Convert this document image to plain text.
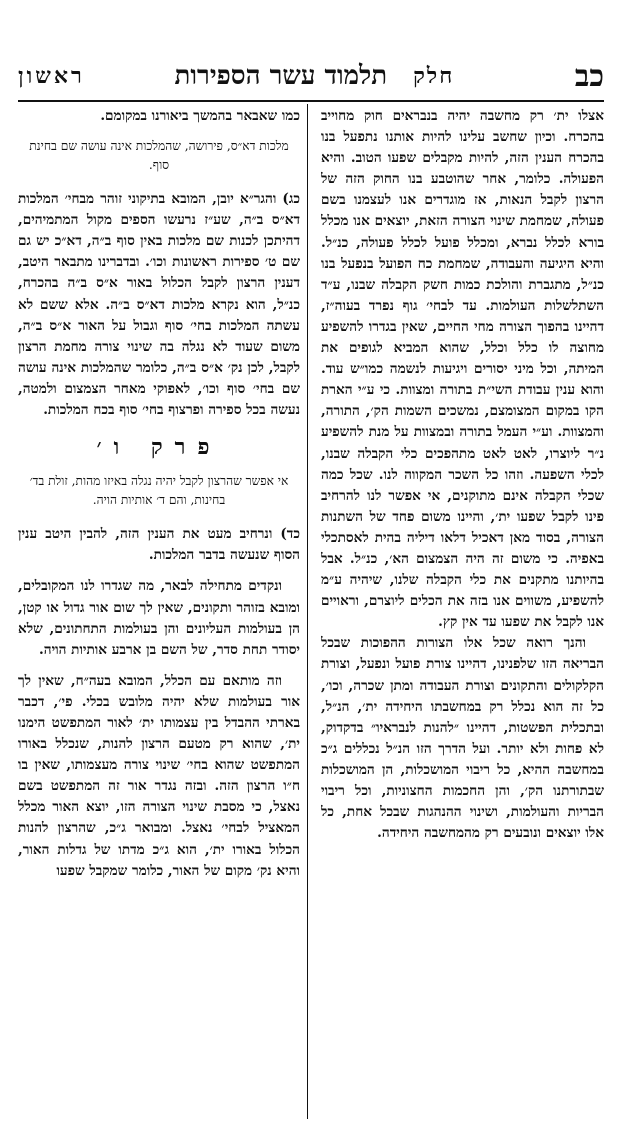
כב
חלק
תלמוד עשר הספירות
ראשון

אצלו ית׳ רק מחשבה יהיה בנבראים חוק מחוייב בהכרח. וכיון שחשב עלינו להיות אותנו נתפעל בנו בהכרח הענין הזה, להיות מקבלים שפעו הטוב. והיא הפעולה. כלומר, אחר שהוטבע בנו החוק הזה של הרצון לקבל הנאות, אז מוגדרים אנו לעצמנו בשם פעולה, שמחמת שינוי הצורה הזאת, יוצאים אנו מכלל בורא לכלל נברא, ומכלל פועל לכלל פעולה, כנ״ל. והיא היגיעה והעבודה, שמחמת כח הפועל בנפעל בנו כנ״ל, מתגברת והולכת כמות חשק הקבלה שבנו, ע״ד השתלשלות העולמות. עד לבחי׳ גוף נפרד בעוה״ז, דהיינו בהפוך הצורה מחי החיים, שאין בגדרו להשפיע מחוצה לו כלל וכלל, שהוא המביא לגופים את המיתה, וכל מיני יסורים ויגיעות לנשמה כמו״ש עוד. והוא ענין עבודת השי״ת בתורה ומצוות. כי ע״י הארת הקו במקום המצומצם, נמשכים השמות הק׳, התורה, והמצוות. וע״י העמל בתורה ובמצוות על מנת להשפיע נ״ר ליוצרו, לאט לאט מתהפכים כלי הקבלה שבנו, לכלי השפעה. וזהו כל השכר המקווה לנו. שכל כמה שכלי הקבלה אינם מתוקנים, אי אפשר לנו להרחיב פינו לקבל שפעו ית׳, והיינו משום פחד של השתנות הצורה, בסוד מאן דאכיל דלאו דיליה בהית לאסתכלי באפיה. כי משום זה היה הצמצום הא׳, כנ״ל. אבל בהיותנו מתקנים את כלי הקבלה שלנו, שיהיה ע״מ להשפיע, משווים אנו בזה את הכלים ליוצרם, וראויים אנו לקבל את שפעו עד אין קץ.

והנך רואה שכל אלו הצורות ההפוכות שבכל הבריאה הזו שלפנינו, דהיינו צורת פועל ונפעל, וצורת הקלקולים והתקונים וצורת העבודה ומתן שכרה, וכו׳, כל זה הוא נכלל רק במחשבתו היחידה ית׳, הנ״ל, ובתכלית הפשטות, דהיינו ״להנות לנבראיו״ בדקדוק, לא פחות ולא יותר. ועל הדרך הזו הנ״ל נכללים ג״כ במחשבה ההיא, כל ריבוי המושכלות, הן המושכלות שבתורתנו הק׳, והן החכמות החצוניות, וכל ריבוי הבריות והעולמות, ושינוי ההנהגות שבכל אחת, כל אלו יוצאים ונובעים רק מהמחשבה היחידה.

כמו שאבאר בהמשך ביאורנו במקומם.

מלכות דא״ס, פירושה, שהמלכות אינה עושה שם בחינת סוף.

כג) והגר״א יובן, המובא בתיקוני זוהר מבחי׳ המלכות דא״ס ב״ה, שע״ז נרעשו הספים מקול המתמיהים, דהיתכן לכנות שם מלכות באין סוף ב״ה, דא״כ יש גם שם ט׳ ספירות ראשונות וכו׳. ובדברינו מתבאר היטב, דענין הרצון לקבל הכלול באור א״ס ב״ה בהכרח, כנ״ל, הוא נקרא מלכות דא״ס ב״ה. אלא ששם לא עשתה המלכות בחי׳ סוף וגבול על האור א״ס ב״ה, משום שעוד לא נגלה בה שינוי צורה מחמת הרצון לקבל, לכן נק׳ א״ס ב״ה, כלומר שהמלכות אינה עושה שם בחי׳ סוף וכו׳, לאפוקי מאחר הצמצום ולמטה, נעשה בכל ספירה ופרצוף בחי׳ סוף בכח המלכות.

פרק ו׳

אי אפשר שהרצון לקבל יהיה נגלה באיזו מהות, זולת בד׳ בחינות, והם ד׳ אותיות הויה.

כד) ונרחיב מעט את הענין הזה, להבין היטב ענין הסוף שנעשה בדבר המלכות.

ונקדים מתחילה לבאר, מה שגדרו לנו המקובלים, ומובא בזוהר ותקונים, שאין לך שום אור גדול או קטן, הן בעולמות העליונים והן בעולמות התחתונים, שלא יסודר תחת סדר, של השם בן ארבע אותיות הויה.

וזה מותאם עם הכלל, המובא בעה״ח, שאין לך אור בעולמות שלא יהיה מלובש בכלי. פי׳, דכבר בארתי ההבדל בין עצמותו ית׳ לאור המתפשט הימנו ית׳, שהוא רק מטעם הרצון להנות, שנכלל באורו המתפשט שהוא בחי׳ שינוי צורה מעצמותו, שאין בו ח״ו הרצון הזה. ובזה נגדר אור זה המתפשט בשם נאצל, כי מסבת שינוי הצורה הזו, יוצא האור מכלל המאציל לבחי׳ נאצל. ומבואר ג״כ, שהרצון להנות הכלול באורו ית׳, הוא ג״כ מדתו של גדלות האור, והיא נק׳ מקום של האור, כלומר שמקבל שפעו
